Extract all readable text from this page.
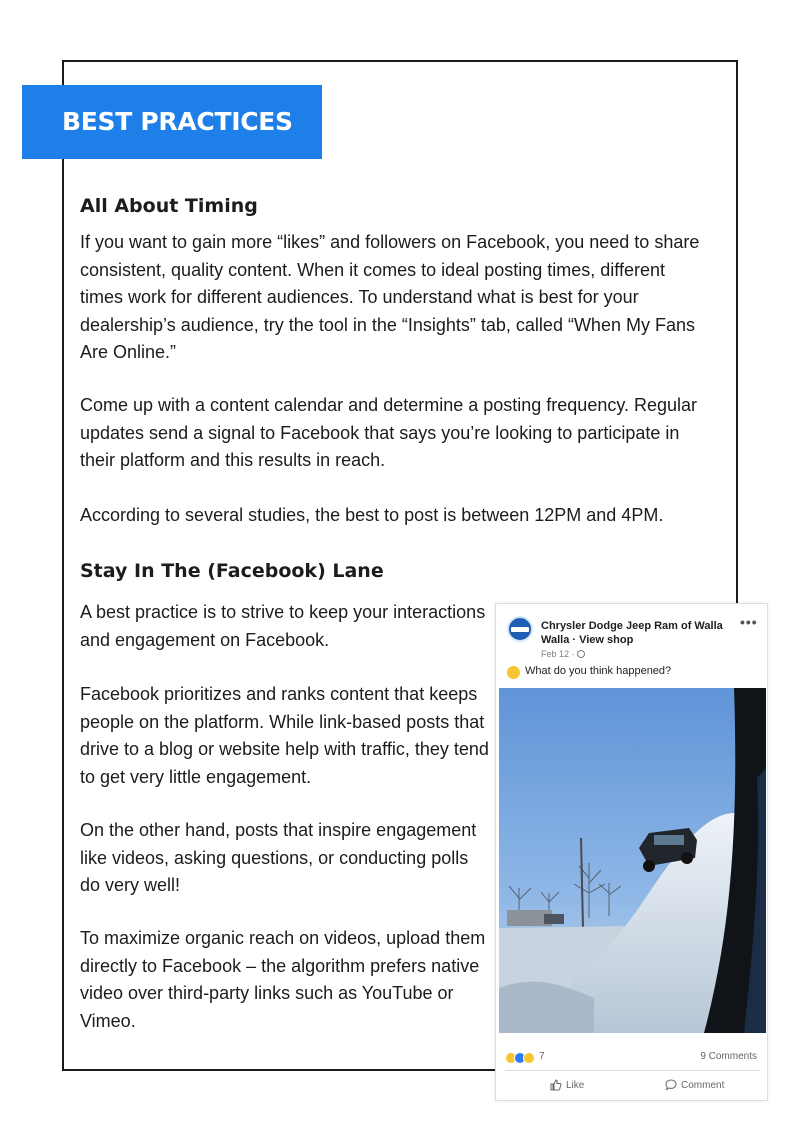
BEST PRACTICES
All About Timing

If you want to gain more “likes” and followers on Facebook, you need to share consistent, quality content. When it comes to ideal posting times, different times work for different audiences. To understand what is best for your dealership’s audience, try the tool in the “Insights” tab, called “When My Fans Are Online.”

Come up with a content calendar and determine a posting frequency. Regular updates send a signal to Facebook that says you’re looking to participate in their platform and this results in reach.

According to several studies, the best to post is between 12PM and 4PM.

Stay In The (Facebook) Lane

A best practice is to strive to keep your interactions and engagement on Facebook.

Facebook prioritizes and ranks content that keeps people on the platform. While link-based posts that drive to a blog or website help with traffic, they tend to get very little engagement.

On the other hand, posts that inspire engagement like videos, asking questions, or conducting polls do very well!

To maximize organic reach on videos, upload them directly to Facebook – the algorithm prefers native video over third-party links such as YouTube or Vimeo.

Chrysler Dodge Jeep Ram of Walla Walla · View shop
•••
Feb 12 ·
What do you think happened?
7	9 Comments
Like	Comment
